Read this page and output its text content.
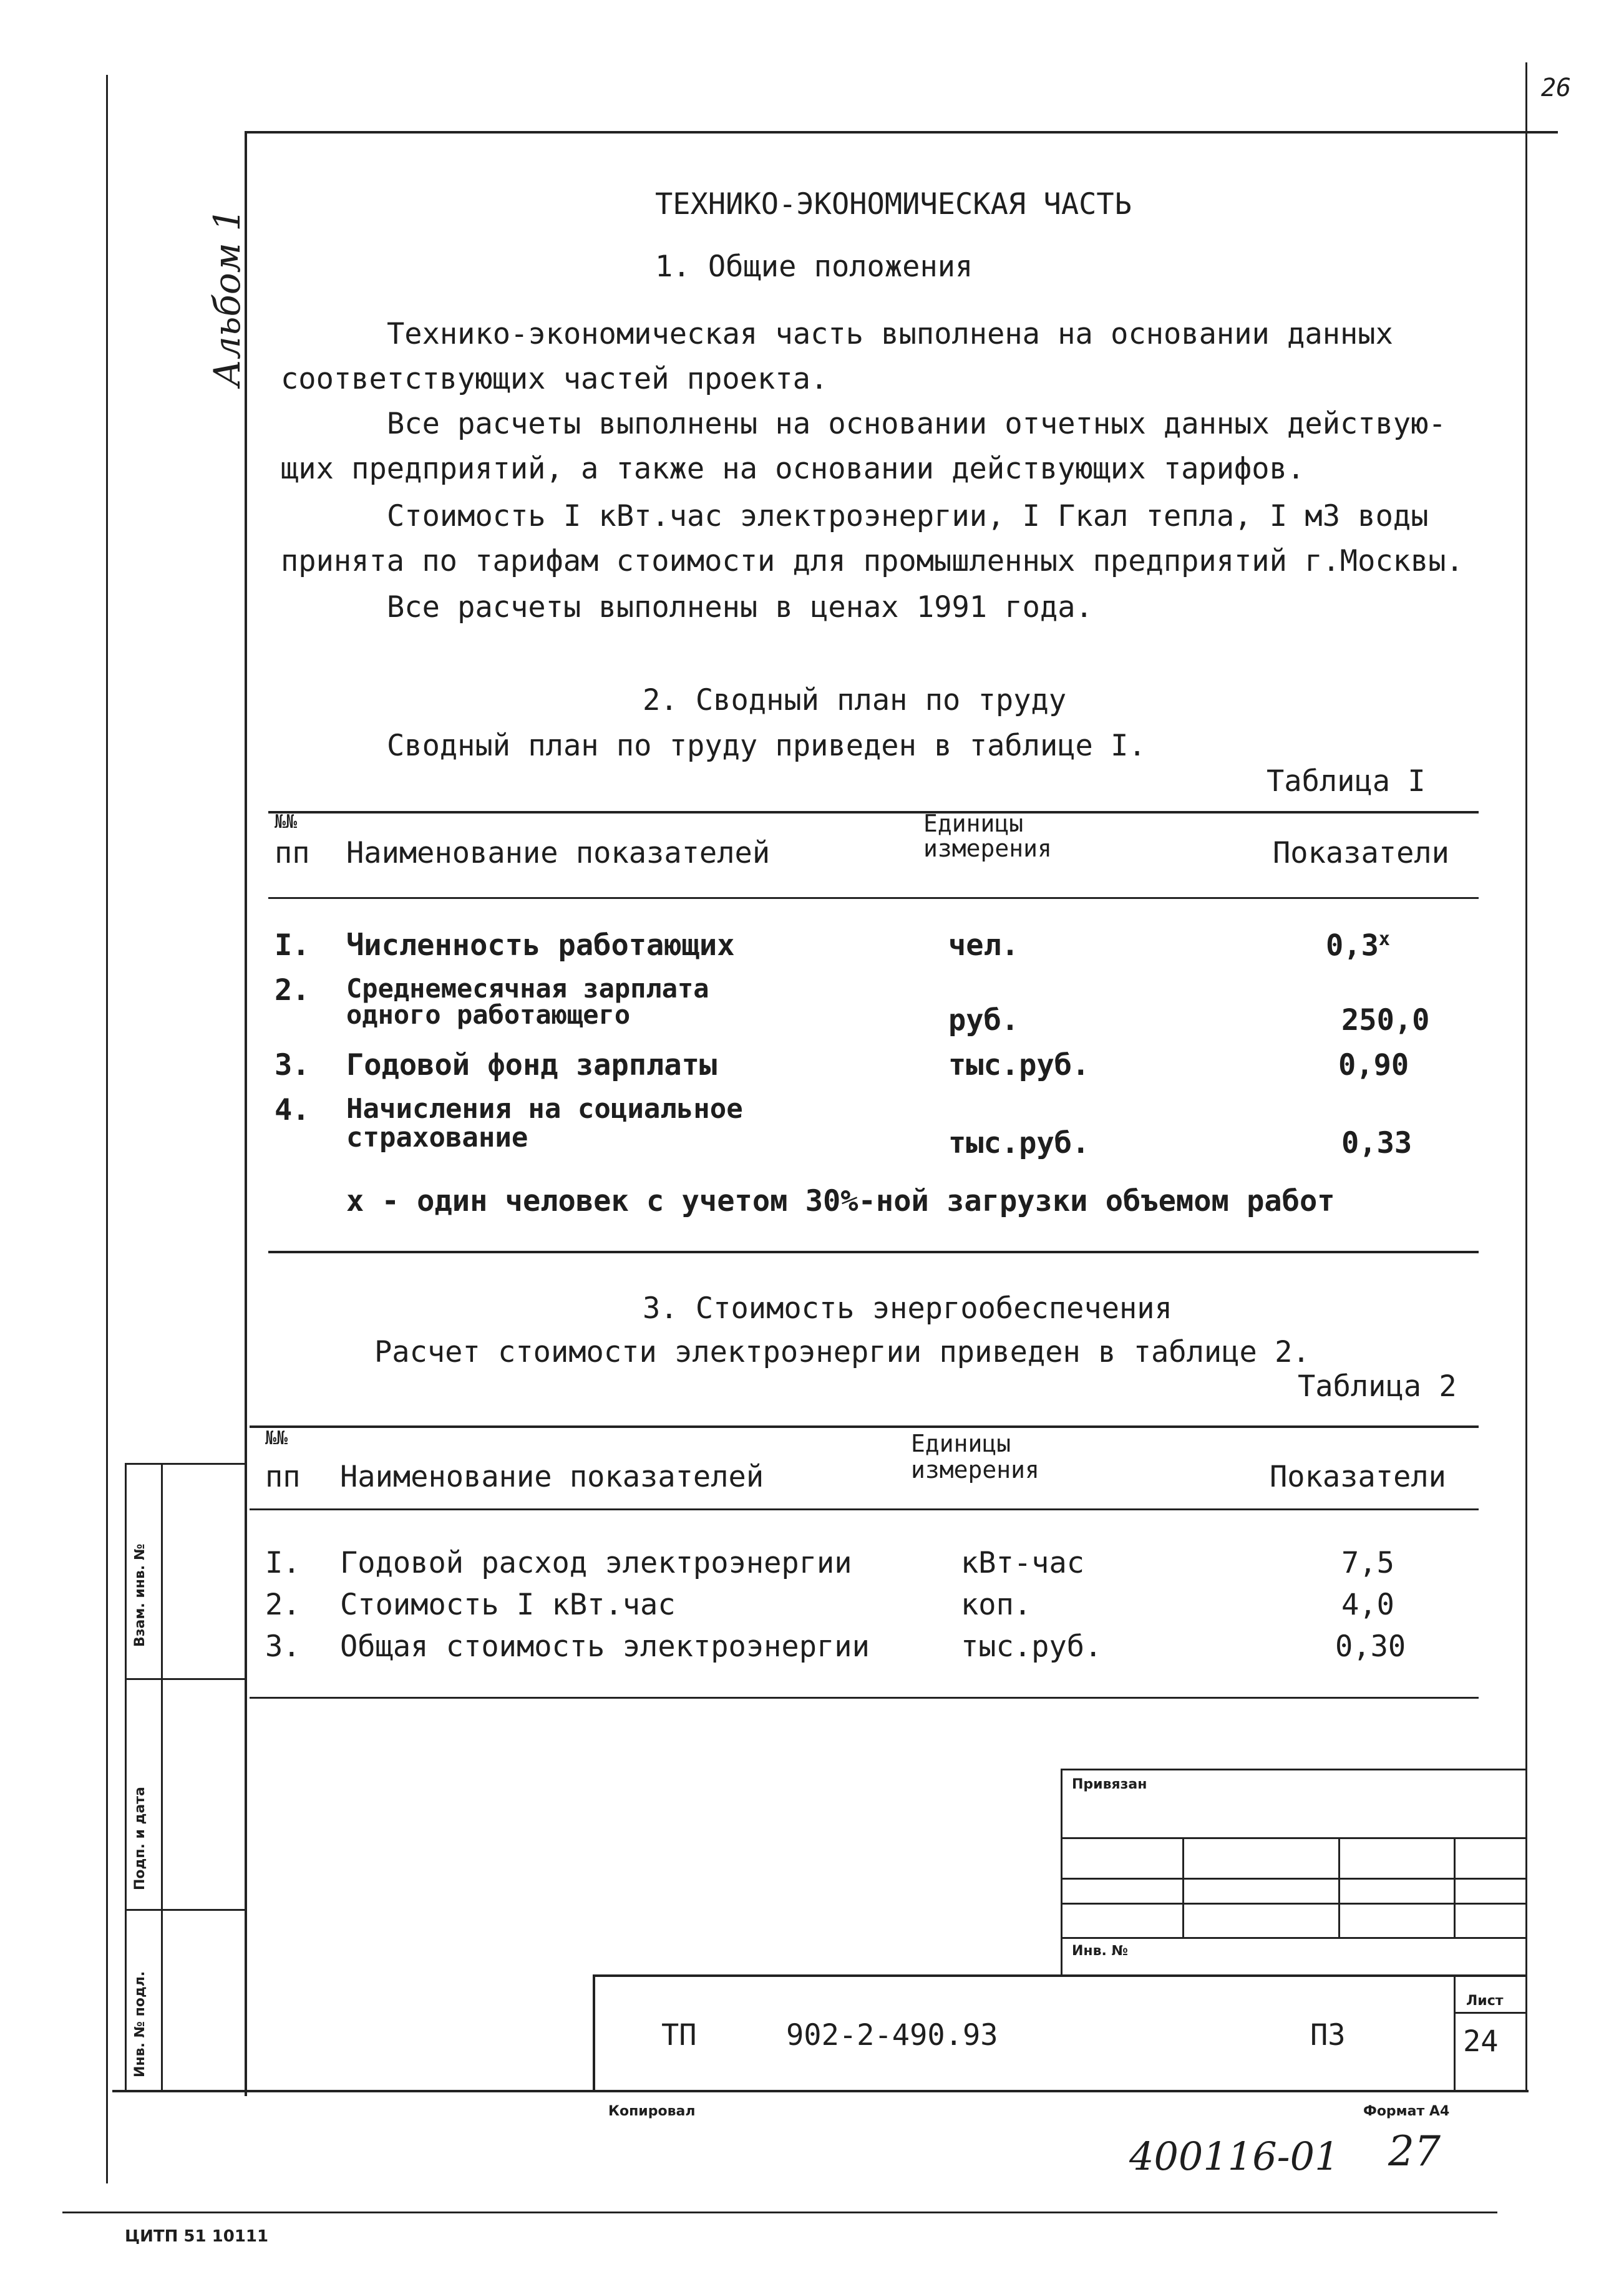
26
Альбом 1
ТЕХНИКО-ЭКОНОМИЧЕСКАЯ ЧАСТЬ
1. Общие положения
Технико-экономическая часть выполнена на основании данных
соответствующих частей проекта.
Все расчеты выполнены на основании отчетных данных действую-
щих предприятий, а также на основании действующих тарифов.
Стоимость I кВт.час электроэнергии, I Гкал тепла, I м3 воды
принята по тарифам стоимости для промышленных предприятий г.Москвы.
Все расчеты выполнены в ценах 1991 года.
2. Сводный план по труду
Сводный план по труду приведен в таблице I.
Таблица I
№№
пп Наименование показателей
Единицы
измерения	Показатели
I. Численность работающих	чел.	$0,3^х$
2. Среднемесячная зарплата
одного работающего	руб.	250,0
3. Годовой фонд зарплаты	тыс.руб.	0,90
4. Начисления на социальное
страхование	тыс.руб.	0,33
х - один человек с учетом 30%-ной загрузки объемом работ
3. Стоимость энергообеспечения
Расчет стоимости электроэнергии приведен в таблице 2.
Таблица 2
№№
пп Наименование показателей
Единицы
измерения	Показатели
I. Годовой расход электроэнергии	кВт-час	7,5
2. Стоимость I кВт.час	коп.	4,0
3. Общая стоимость электроэнергии	тыс.руб.	0,30
Взам. инв. №
Подп. и дата
Инв. № подл.
Привязан
Инв. №
Лист
24
ТП	902-2-490.93	ПЗ
Копировал	Формат А4
400116-01 27
ЦИТП 51 10111
